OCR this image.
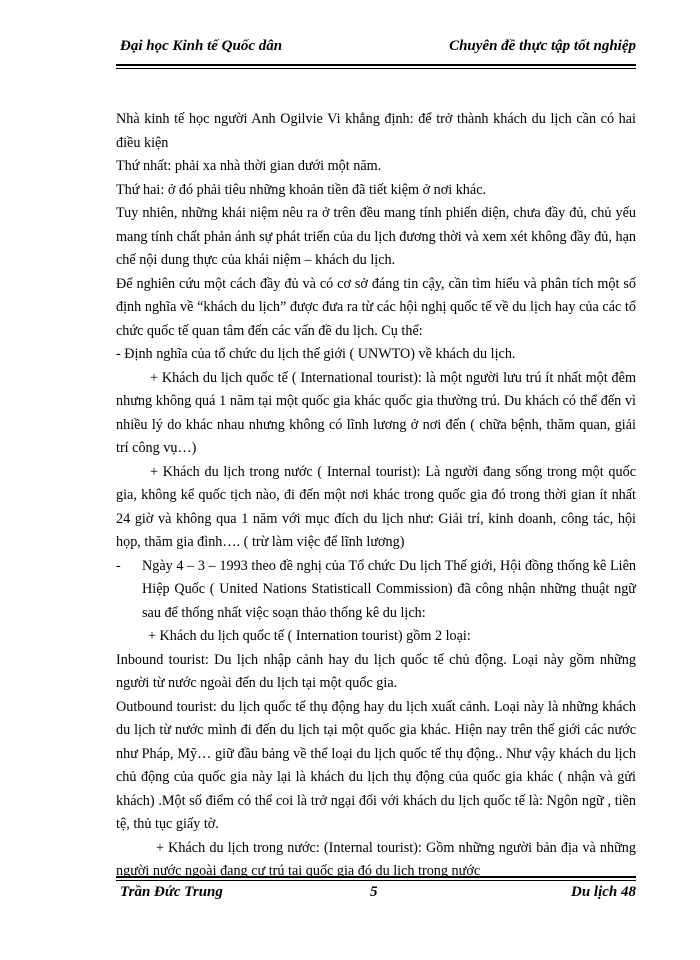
Đại học Kinh tế Quốc dân	Chuyên đề thực tập tốt nghiệp

Nhà kinh tế học người Anh Ogilvie Vi khẳng định: để trở thành khách du lịch cần có hai điều kiện

Thứ nhất: phải xa nhà thời gian dưới một năm.

Thứ hai: ở đó phải tiêu những khoản tiền đã tiết kiệm ở nơi khác.

Tuy nhiên, những khái niệm nêu ra ở trên đều mang tính phiến diện, chưa đầy đủ, chủ yếu mang tính chất phản ánh sự phát triển của du lịch đương thời và xem xét không đầy đủ, hạn chế nội dung thực của khái niệm – khách du lịch.

Để nghiên cứu một cách đầy đủ và có cơ sở đáng tin cậy, cần tìm hiểu và phân tích một số định nghĩa về “khách du lịch” được đưa ra từ các hội nghị quốc tế về du lịch hay của các tổ chức quốc tế quan tâm đến các vấn đề du lịch. Cụ thể:

- Định nghĩa của tổ chức du lịch thế giới ( UNWTO) về khách du lịch.

+ Khách du lịch quốc tế ( International tourist): là một người lưu trú ít nhất một đêm nhưng không quá 1 năm tại một quốc gia khác quốc gia thường trú. Du khách có thể đến vì nhiều lý do khác nhau nhưng không có lĩnh lương ở nơi đến ( chữa bệnh, thăm quan, giải trí công vụ…)

+ Khách du lịch trong nước ( Internal tourist): Là người đang sống trong một quốc gia, không kể quốc tịch nào, đi đến một nơi khác trong quốc gia đó trong thời gian ít nhất 24 giờ và không qua 1 năm với mục đích du lịch như: Giải trí, kinh doanh, công tác, hội họp, thăm gia đình…. ( trừ làm việc để lĩnh lương)

-	Ngày 4 – 3 – 1993 theo đề nghị của Tổ chức Du lịch Thế giới, Hội đồng thống kê Liên Hiệp Quốc ( United Nations Statisticall Commission) đã công nhận những thuật ngữ sau để thống nhất việc soạn thảo thống kê du lịch:

+ Khách du lịch quốc tế ( Internation tourist) gồm 2 loại:

Inbound tourist: Du lịch nhập cảnh hay du lịch quốc tế chủ động. Loại này gồm những người từ nước ngoài đến du lịch tại một quốc gia.

Outbound tourist: du lịch quốc tế thụ động hay du lịch xuất cảnh. Loại này là những khách du lịch từ nước mình đi đến du lịch tại một quốc gia khác. Hiện nay trên thế giới các nước như Pháp, Mỹ… giữ đầu bảng về thể loại du lịch quốc tế thụ động.. Như vậy khách du lịch chủ động của quốc gia này lại là khách du lịch thụ động của quốc gia khác ( nhận và gửi khách) .Một số điểm có thể coi là trở ngại đối với khách du lịch quốc tế là: Ngôn ngữ , tiền tệ, thủ tục giấy tờ.

+ Khách du lịch trong nước: (Internal tourist): Gồm những người bản địa và những người nước ngoài đang cư trú tại quốc gia đó du lịch trong nước

Trần Đức Trung	5	Du lịch 48
